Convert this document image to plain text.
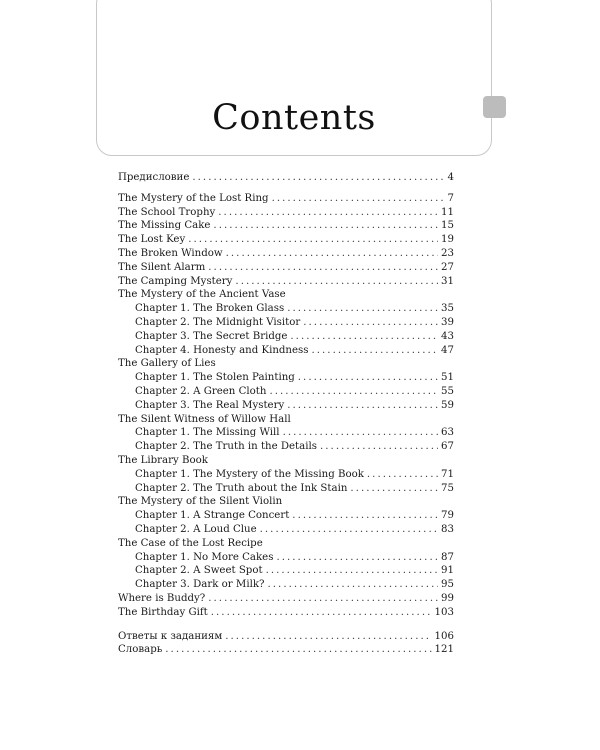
Contents
Предисловие . . .	4
The Mystery of the Lost Ring . . .	7
The School Trophy . . .	11
The Missing Cake . . .	15
The Lost Key . . .	19
The Broken Window . . .	23
The Silent Alarm . . .	27
The Camping Mystery . . .	31
The Mystery of the Ancient Vase
Chapter 1. The Broken Glass . . .	35
Chapter 2. The Midnight Visitor . . .	39
Chapter 3. The Secret Bridge . . .	43
Chapter 4. Honesty and Kindness . . .	47
The Gallery of Lies
Chapter 1. The Stolen Painting . . .	51
Chapter 2. A Green Cloth . . .	55
Chapter 3. The Real Mystery . . .	59
The Silent Witness of Willow Hall
Chapter 1. The Missing Will . . .	63
Chapter 2. The Truth in the Details . . .	67
The Library Book
Chapter 1. The Mystery of the Missing Book . . .	71
Chapter 2. The Truth about the Ink Stain . . .	75
The Mystery of the Silent Violin
Chapter 1. A Strange Concert . . .	79
Chapter 2. A Loud Clue . . .	83
The Case of the Lost Recipe
Chapter 1. No More Cakes . . .	87
Chapter 2. A Sweet Spot . . .	91
Chapter 3. Dark or Milk? . . .	95
Where is Buddy? . . .	99
The Birthday Gift . . .	103
Ответы к заданиям . . .	106
Словарь . . .	121
